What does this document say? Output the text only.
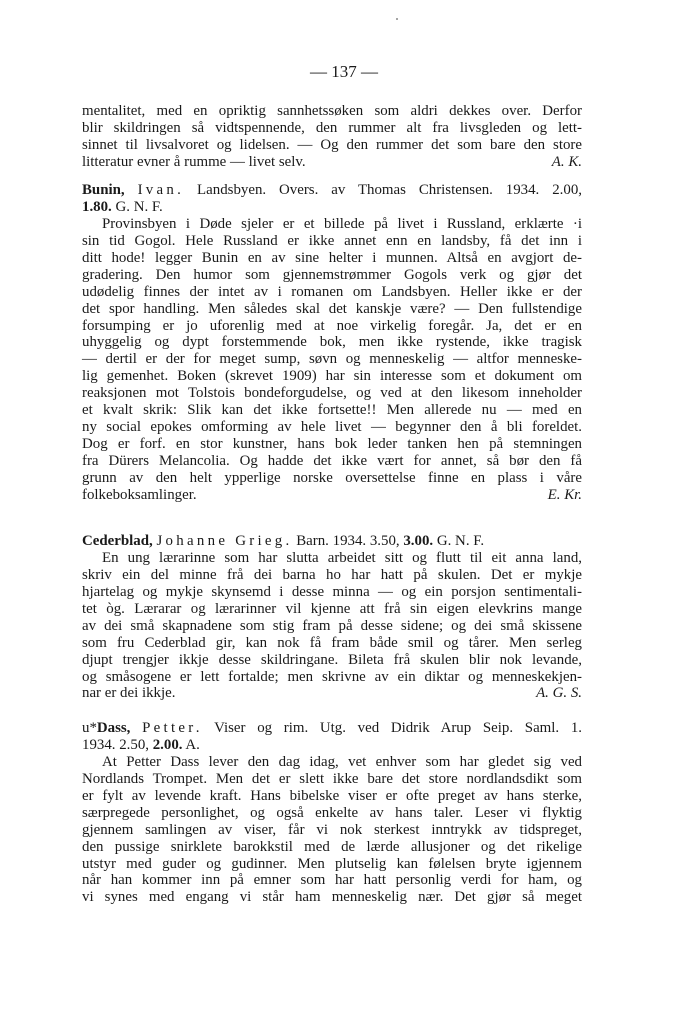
— 137 —
mentalitet, med en opriktig sannhetssøken som aldri dekkes over. Derfor
blir skildringen så vidtspennende, den rummer alt fra livsgleden og lett-
sinnet til livsalvoret og lidelsen. — Og den rummer det som bare den store
litteratur evner å rumme — livet selv.	A. K.
Bunin, Ivan. Landsbyen. Overs. av Thomas Christensen. 1934. 2.00,
1.80. G. N. F.
Provinsbyen i Døde sjeler er et billede på livet i Russland, erklærte ·i
sin tid Gogol. Hele Russland er ikke annet enn en landsby, få det inn i
ditt hode! legger Bunin en av sine helter i munnen. Altså en avgjort de-
gradering. Den humor som gjennemstrømmer Gogols verk og gjør det
udødelig finnes der intet av i romanen om Landsbyen. Heller ikke er der
det spor handling. Men således skal det kanskje være? — Den fullstendige
forsumping er jo uforenlig med at noe virkelig foregår. Ja, det er en
uhyggelig og dypt forstemmende bok, men ikke rystende, ikke tragisk
— dertil er der for meget sump, søvn og menneskelig — altfor menneske-
lig gemenhet. Boken (skrevet 1909) har sin interesse som et dokument om
reaksjonen mot Tolstois bondeforgudelse, og ved at den likesom inneholder
et kvalt skrik: Slik kan det ikke fortsette!! Men allerede nu — med en
ny social epokes omforming av hele livet — begynner den å bli foreldet.
Dog er forf. en stor kunstner, hans bok leder tanken hen på stemningen
fra Dürers Melancolia. Og hadde det ikke vært for annet, så bør den få
grunn av den helt ypperlige norske oversettelse finne en plass i våre
folkeboksamlinger.	E. Kr.
Cederblad, Johanne Grieg. Barn. 1934. 3.50, 3.00. G. N. F.
En ung lærarinne som har slutta arbeidet sitt og flutt til eit anna land,
skriv ein del minne frå dei barna ho har hatt på skulen. Det er mykje
hjartelag og mykje skynsemd i desse minna — og ein porsjon sentimentali-
tet òg. Lærarar og lærarinner vil kjenne att frå sin eigen elevkrins mange
av dei små skapnadene som stig fram på desse sidene; og dei små skissene
som fru Cederblad gir, kan nok få fram både smil og tårer. Men serleg
djupt trengjer ikkje desse skildringane. Bileta frå skulen blir nok levande,
og småsogene er lett fortalde; men skrivne av ein diktar og menneskekjen-
nar er dei ikkje.	A. G. S.
u*Dass, Petter. Viser og rim. Utg. ved Didrik Arup Seip. Saml. 1.
1934. 2.50, 2.00. A.
At Petter Dass lever den dag idag, vet enhver som har gledet sig ved
Nordlands Trompet. Men det er slett ikke bare det store nordlandsdikt som
er fylt av levende kraft. Hans bibelske viser er ofte preget av hans sterke,
særpregede personlighet, og også enkelte av hans taler. Leser vi flyktig
gjennem samlingen av viser, får vi nok sterkest inntrykk av tidspreget,
den pussige snirklete barokkstil med de lærde allusjoner og det rikelige
utstyr med guder og gudinner. Men plutselig kan følelsen bryte igjennem
når han kommer inn på emner som har hatt personlig verdi for ham, og
vi synes med engang vi står ham menneskelig nær. Det gjør så meget
